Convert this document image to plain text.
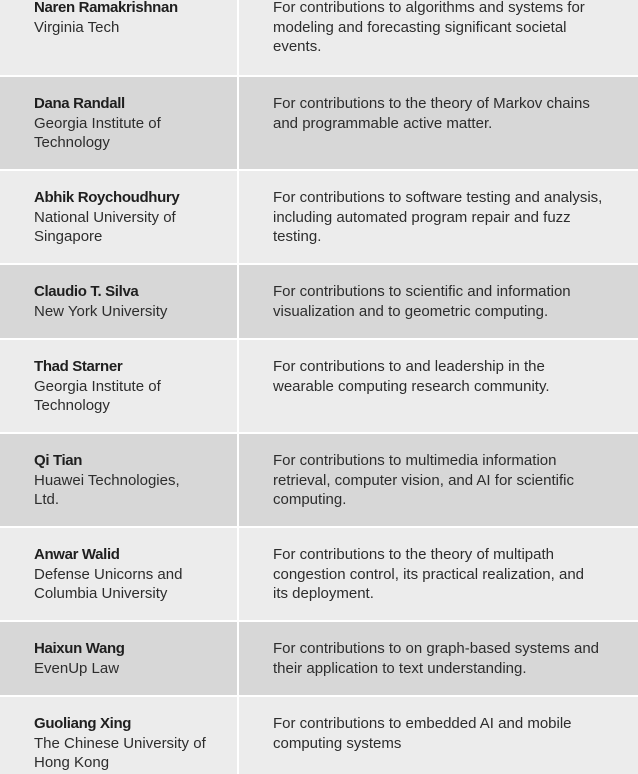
Naren Ramakrishnan
Virginia Tech
For contributions to algorithms and systems for modeling and forecasting significant societal events.
Dana Randall
Georgia Institute of Technology
For contributions to the theory of Markov chains and programmable active matter.
Abhik Roychoudhury
National University of Singapore
For contributions to software testing and analysis, including automated program repair and fuzz testing.
Claudio T. Silva
New York University
For contributions to scientific and information visualization and to geometric computing.
Thad Starner
Georgia Institute of Technology
For contributions to and leadership in the wearable computing research community.
Qi Tian
Huawei Technologies, Ltd.
For contributions to multimedia information retrieval, computer vision, and AI for scientific computing.
Anwar Walid
Defense Unicorns and Columbia University
For contributions to the theory of multipath congestion control, its practical realization, and its deployment.
Haixun Wang
EvenUp Law
For contributions to on graph-based systems and their application to text understanding.
Guoliang Xing
The Chinese University of Hong Kong
For contributions to embedded AI and mobile computing systems
